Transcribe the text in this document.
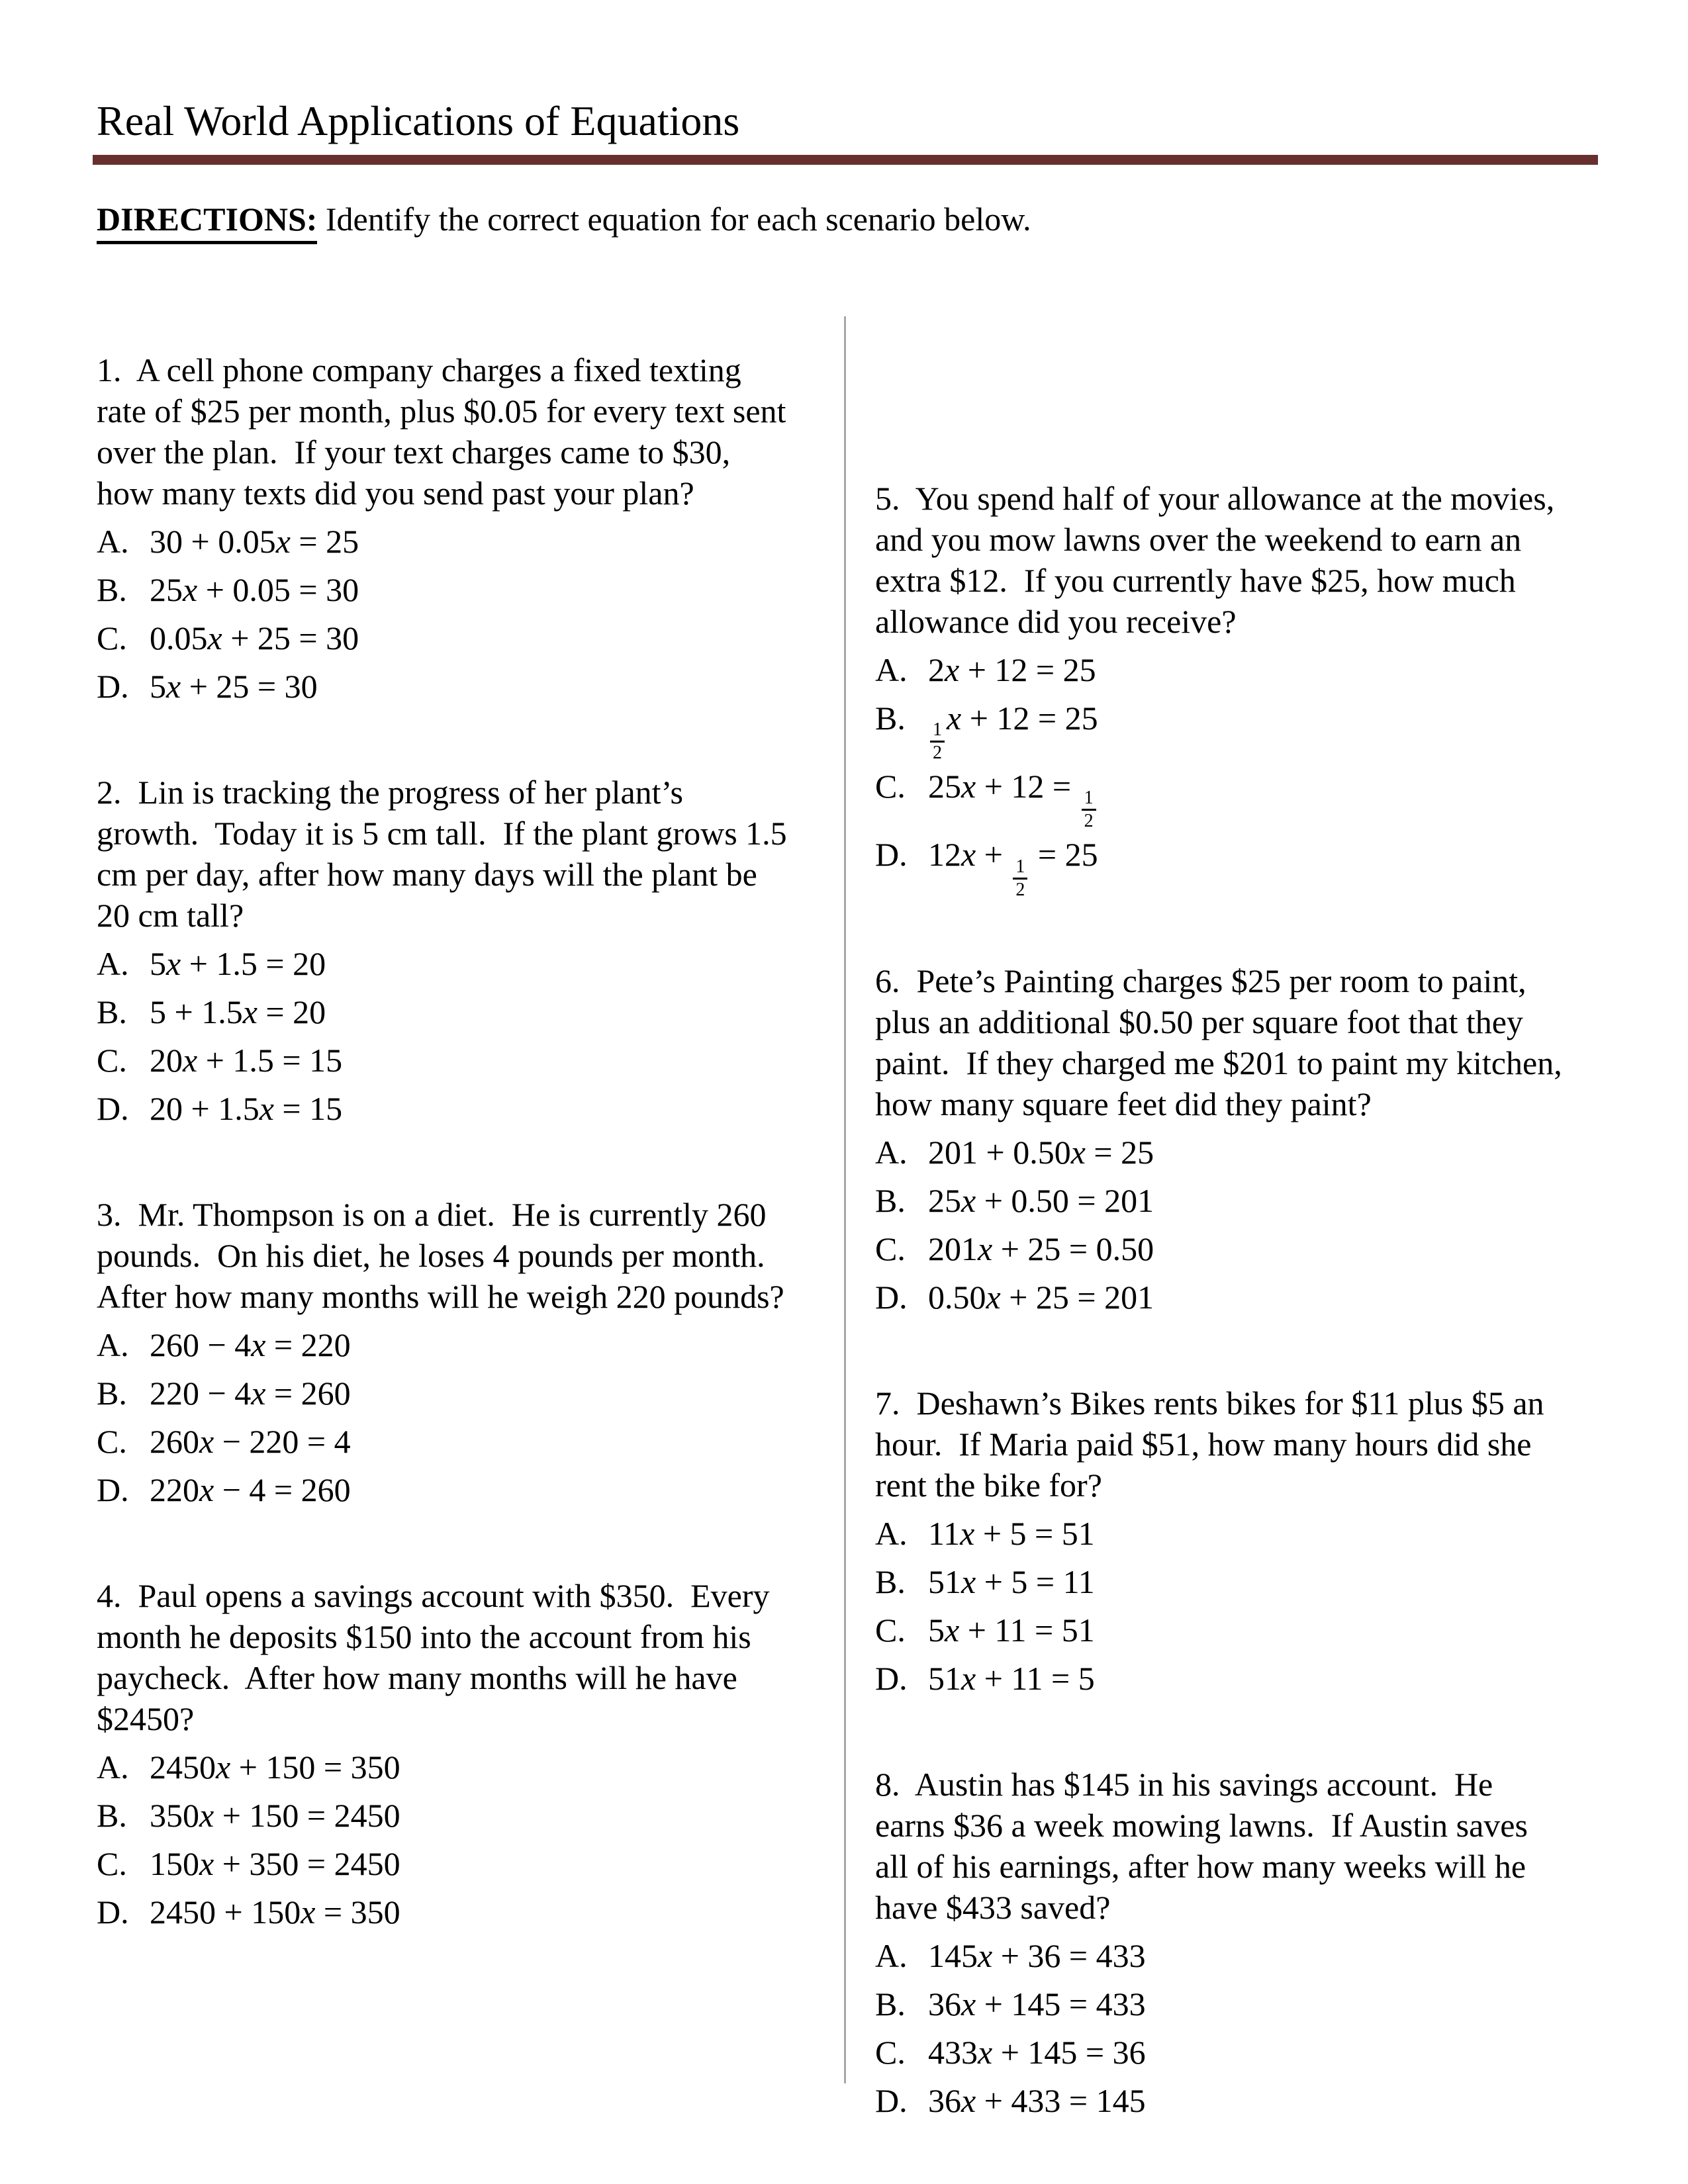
Real World Applications of Equations
DIRECTIONS: Identify the correct equation for each scenario below.
1.  A cell phone company charges a fixed texting
rate of $25 per month, plus $0.05 for every text sent
over the plan.  If your text charges came to $30,
how many texts did you send past your plan?
A. 30 + 0.05x = 25
B. 25x + 0.05 = 30
C. 0.05x + 25 = 30
D. 5x + 25 = 30
2.  Lin is tracking the progress of her plant’s
growth.  Today it is 5 cm tall.  If the plant grows 1.5
cm per day, after how many days will the plant be
20 cm tall?
A. 5x + 1.5 = 20
B. 5 + 1.5x = 20
C. 20x + 1.5 = 15
D. 20 + 1.5x = 15
3.  Mr. Thompson is on a diet.  He is currently 260
pounds.  On his diet, he loses 4 pounds per month.
After how many months will he weigh 220 pounds?
A. 260 − 4x = 220
B. 220 − 4x = 260
C. 260x − 220 = 4
D. 220x − 4 = 260
4.  Paul opens a savings account with $350.  Every
month he deposits $150 into the account from his
paycheck.  After how many months will he have
$2450?
A. 2450x + 150 = 350
B. 350x + 150 = 2450
C. 150x + 350 = 2450
D. 2450 + 150x = 350
5.  You spend half of your allowance at the movies,
and you mow lawns over the weekend to earn an
extra $12.  If you currently have $25, how much
allowance did you receive?
A. 2x + 12 = 25
B.
$\frac{1}{2}$
x + 12 = 25
C. 25x + 12 =
$\frac{1}{2}$
D. 12x +
$\frac{1}{2}$
= 25
6.  Pete’s Painting charges $25 per room to paint,
plus an additional $0.50 per square foot that they
paint.  If they charged me $201 to paint my kitchen,
how many square feet did they paint?
A. 201 + 0.50x = 25
B. 25x + 0.50 = 201
C. 201x + 25 = 0.50
D. 0.50x + 25 = 201
7.  Deshawn’s Bikes rents bikes for $11 plus $5 an
hour.  If Maria paid $51, how many hours did she
rent the bike for?
A. 11x + 5 = 51
B. 51x + 5 = 11
C. 5x + 11 = 51
D. 51x + 11 = 5
8.  Austin has $145 in his savings account.  He
earns $36 a week mowing lawns.  If Austin saves
all of his earnings, after how many weeks will he
have $433 saved?
A. 145x + 36 = 433
B. 36x + 145 = 433
C. 433x + 145 = 36
D. 36x + 433 = 145
